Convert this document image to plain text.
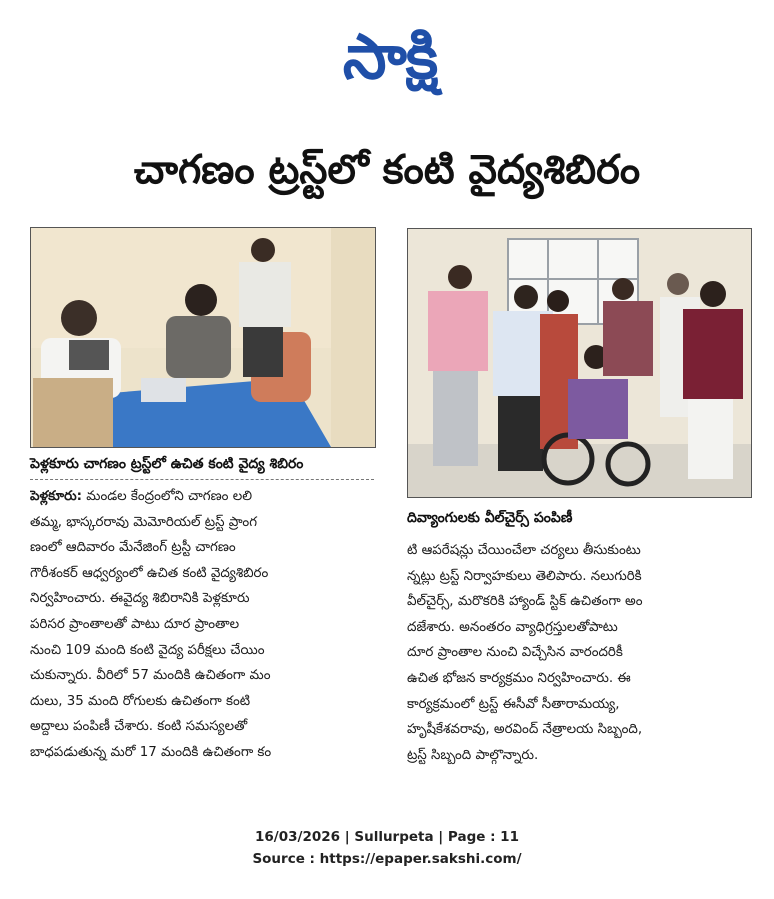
సాక్షి
చాగణం ట్రస్ట్‌లో కంటి వైద్యశిబిరం
పెళ్లకూరు చాగణం ట్రస్ట్‌లో ఉచిత కంటి వైద్య శిబిరం
దివ్యాంగులకు వీల్‌చైర్స్ పంపిణీ
పెళ్లకూరు: మండల కేంద్రంలోని చాగణం లలి
తమ్మ, భాస్కరరావు మెమోరియల్ ట్రస్ట్ ప్రాంగ
ణంలో ఆదివారం మేనేజింగ్ ట్రస్టీ చాగణం
గౌరీశంకర్ ఆధ్వర్యంలో ఉచిత కంటి వైద్యశిబిరం
నిర్వహించారు. ఈవైద్య శిబిరానికి పెళ్లకూరు
పరిసర ప్రాంతాలతో పాటు దూర ప్రాంతాల
నుంచి 109 మంది కంటి వైద్య పరీక్షలు చేయిం
చుకున్నారు. వీరిలో 57 మందికి ఉచితంగా మం
దులు, 35 మంది రోగులకు ఉచితంగా కంటి
అద్దాలు పంపిణీ చేశారు. కంటి సమస్యలతో
బాధపడుతున్న మరో 17 మందికి ఉచితంగా కం
టి ఆపరేషన్లు చేయించేలా చర్యలు తీసుకుంటు
న్నట్లు ట్రస్ట్ నిర్వాహకులు తెలిపారు. నలుగురికి
వీల్‌చైర్స్, మరొకరికి హ్యాండ్ స్టిక్ ఉచితంగా అం
దజేశారు. అనంతరం వ్యాధిగ్రస్తులతోపాటు
దూర ప్రాంతాల నుంచి విచ్చేసిన వారందరికీ
ఉచిత భోజన కార్యక్రమం నిర్వహించారు. ఈ
కార్యక్రమంలో ట్రస్ట్ ఈసీవో సీతారామయ్య,
హృషీకేశవరావు, అరవింద్ నేత్రాలయ సిబ్బంది,
ట్రస్ట్ సిబ్బంది పాల్గొన్నారు.
16/03/2026 | Sullurpeta | Page : 11
Source : https://epaper.sakshi.com/
